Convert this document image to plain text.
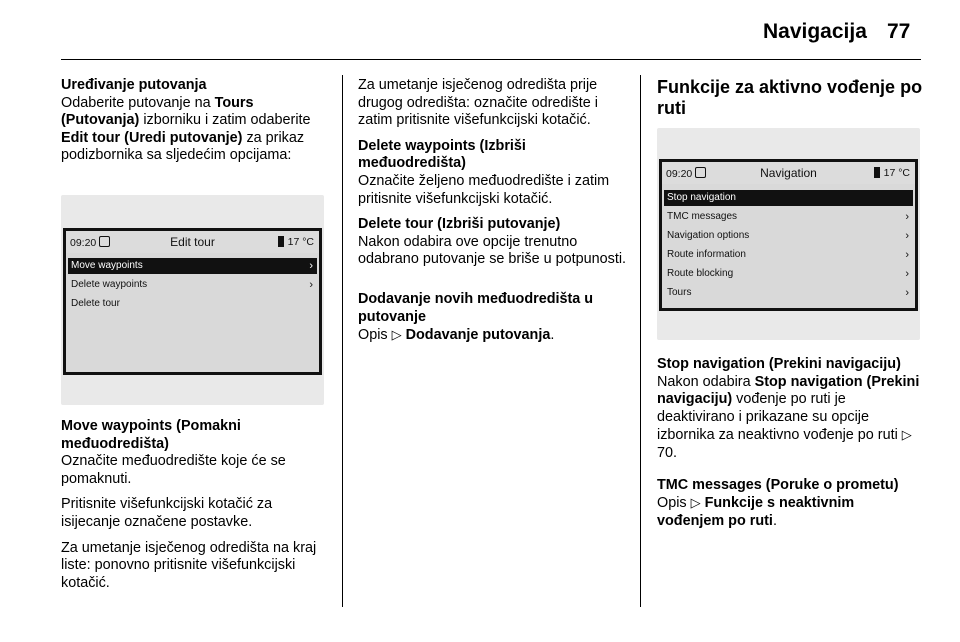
Navigacija 77

Uređivanje putovanja

Odaberite putovanje na Tours (Putovanja) izborniku i zatim odaberite Edit tour (Uredi putovanje) za prikaz podizbornika sa sljedećim opcijama:

09:20	Edit tour	17 °C
Move waypoints	›
Delete waypoints	›
Delete tour

Move waypoints (Pomakni međuodredišta)

Označite međuodredište koje će se pomaknuti.

Pritisnite višefunkcijski kotačić za isijecanje označene postavke.

Za umetanje isječenog odredišta na kraj liste: ponovno pritisnite višefunkcijski kotačić.

Za umetanje isječenog odredišta prije drugog odredišta: označite odredište i zatim pritisnite višefunkcijski kotačić.

Delete waypoints (Izbriši međuodredišta)

Označite željeno međuodredište i zatim pritisnite višefunkcijski kotačić.

Delete tour (Izbriši putovanje)

Nakon odabira ove opcije trenutno odabrano putovanje se briše u potpunosti.

Dodavanje novih međuodredišta u putovanje

Opis ▷ Dodavanje putovanja.

Funkcije za aktivno vođenje po ruti

09:20	Navigation	17 °C
Stop navigation
TMC messages	›
Navigation options	›
Route information	›
Route blocking	›
Tours	›

Stop navigation (Prekini navigaciju)

Nakon odabira Stop navigation (Prekini navigaciju) vođenje po ruti je deaktivirano i prikazane su opcije izbornika za neaktivno vođenje po ruti ▷ 70.

TMC messages (Poruke o prometu)

Opis ▷ Funkcije s neaktivnim vođenjem po ruti.
